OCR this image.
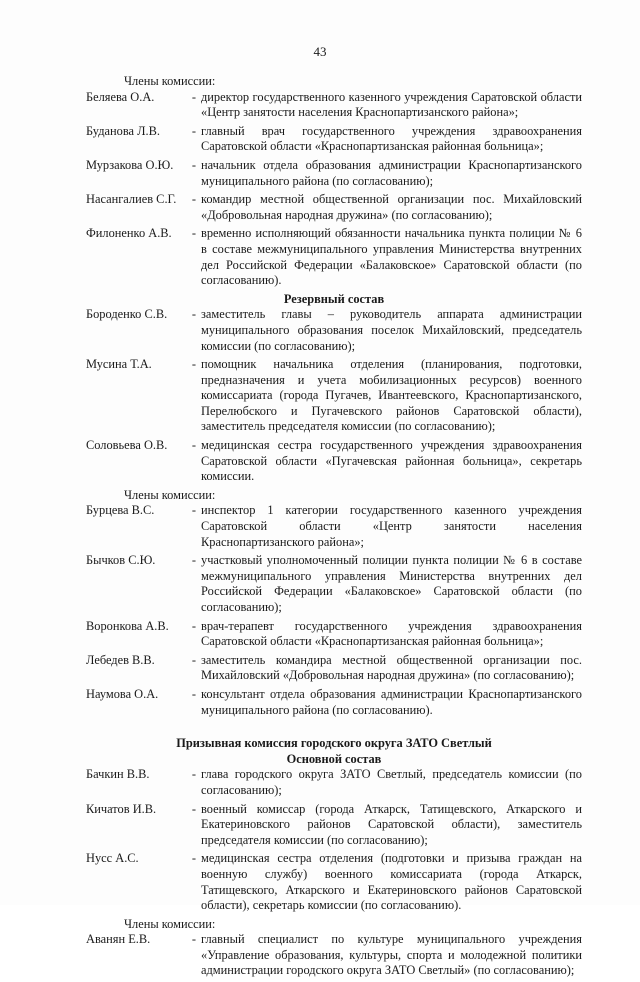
43

Члены комиссии:

Беляева О.А.	- директор государственного казенного учреждения Саратовской области «Центр занятости населения Краснопартизанского района»;
Буданова Л.В.	- главный врач государственного учреждения здравоохранения Саратовской области «Краснопартизанская районная больница»;
Мурзакова О.Ю.	- начальник отдела образования администрации Краснопартизанского муниципального района (по согласованию);
Насангалиев С.Г.	- командир местной общественной организации пос. Михайловский «Добровольная народная дружина» (по согласованию);
Филоненко А.В.	- временно исполняющий обязанности начальника пункта полиции № 6 в составе межмуниципального управления Министерства внутренних дел Российской Федерации «Балаковское» Саратовской области (по согласованию).

Резервный состав

Бороденко С.В.	- заместитель главы – руководитель аппарата администрации муниципального образования поселок Михайловский, председатель комиссии (по согласованию);
Мусина Т.А.	- помощник начальника отделения (планирования, подготовки, предназначения и учета мобилизационных ресурсов) военного комиссариата (города Пугачев, Ивантеевского, Краснопартизанского, Перелюбского и Пугачевского районов Саратовской области), заместитель председателя комиссии (по согласованию);
Соловьева О.В.	- медицинская сестра государственного учреждения здравоохранения Саратовской области «Пугачевская районная больница», секретарь комиссии.

Члены комиссии:

Бурцева В.С.	- инспектор 1 категории государственного казенного учреждения Саратовской области «Центр занятости населения Краснопартизанского района»;
Бычков С.Ю.	- участковый уполномоченный полиции пункта полиции № 6 в составе межмуниципального управления Министерства внутренних дел Российской Федерации «Балаковское» Саратовской области (по согласованию);
Воронкова А.В.	- врач-терапевт государственного учреждения здравоохранения Саратовской области «Краснопартизанская районная больница»;
Лебедев В.В.	- заместитель командира местной общественной организации пос. Михайловский «Добровольная народная дружина» (по согласованию);
Наумова О.А.	- консультант отдела образования администрации Краснопартизанского муниципального района (по согласованию).

Призывная комиссия городского округа ЗАТО Светлый

Основной состав

Бачкин В.В.	- глава городского округа ЗАТО Светлый, председатель комиссии (по согласованию);
Кичатов И.В.	- военный комиссар (города Аткарск, Татищевского, Аткарского и Екатериновского районов Саратовской области), заместитель председателя комиссии (по согласованию);
Нусс А.С.	- медицинская сестра отделения (подготовки и призыва граждан на военную службу) военного комиссариата (города Аткарск, Татищевского, Аткарского и Екатериновского районов Саратовской области), секретарь комиссии (по согласованию).

Члены комиссии:

Аванян Е.В.	- главный специалист по культуре муниципального учреждения «Управление образования, культуры, спорта и молодежной политики администрации городского округа ЗАТО Светлый» (по согласованию);
